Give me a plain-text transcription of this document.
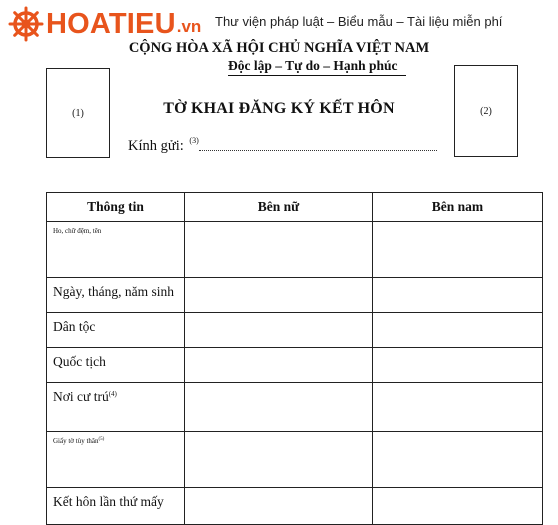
HOATIEU .vn Thư viện pháp luật – Biểu mẫu – Tài liệu miễn phí
CỘNG HÒA XÃ HỘI CHỦ NGHĨA VIỆT NAM
Độc lập – Tự do – Hạnh phúc
(1)	(2)
TỜ KHAI ĐĂNG KÝ KẾT HÔN
Kính gửi: $^{(3)}$
Thông tin	Bên nữ	Bên nam
Ho, chữ đệm, tên		
Ngày, tháng, năm sinh		
Dân tộc		
Quốc tịch		
Nơi cư trú$^{(4)}$		
Giấy tờ tùy thân$^{(5)}$		
Kết hôn lần thứ mấy		
